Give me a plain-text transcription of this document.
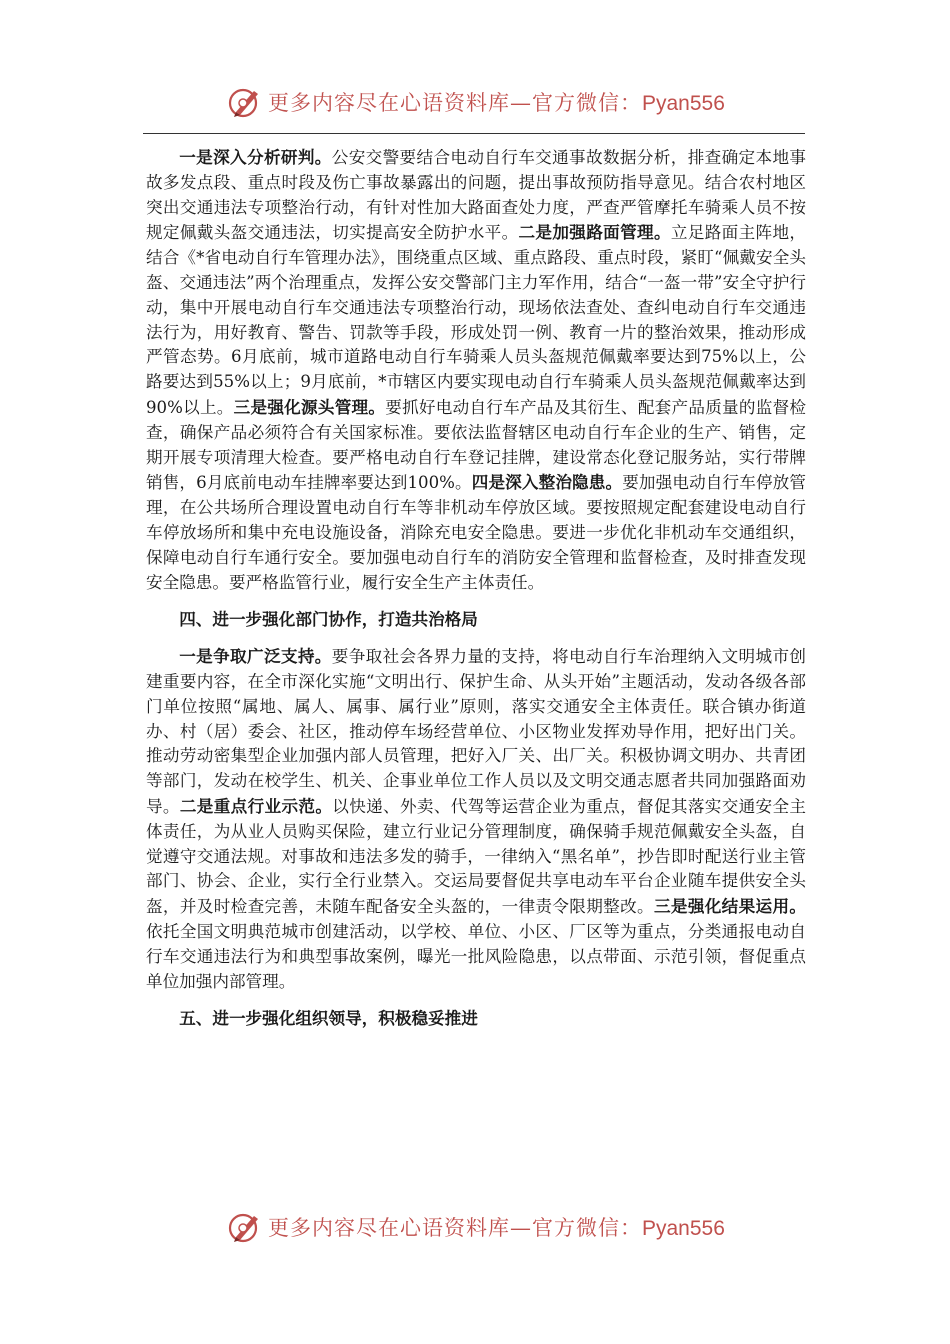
更多内容尽在心语资料库—官方微信：Pyan556

一是深入分析研判。公安交警要结合电动自行车交通事故数据分析，排查确定本地事故多发点段、重点时段及伤亡事故暴露出的问题，提出事故预防指导意见。结合农村地区突出交通违法专项整治行动，有针对性加大路面查处力度，严查严管摩托车骑乘人员不按规定佩戴头盔交通违法，切实提高安全防护水平。二是加强路面管理。立足路面主阵地，结合《*省电动自行车管理办法》，围绕重点区域、重点路段、重点时段，紧盯“佩戴安全头盔、交通违法”两个治理重点，发挥公安交警部门主力军作用，结合“一盔一带”安全守护行动，集中开展电动自行车交通违法专项整治行动，现场依法查处、查纠电动自行车交通违法行为，用好教育、警告、罚款等手段，形成处罚一例、教育一片的整治效果，推动形成严管态势。6月底前，城市道路电动自行车骑乘人员头盔规范佩戴率要达到75%以上，公路要达到55%以上；9月底前，*市辖区内要实现电动自行车骑乘人员头盔规范佩戴率达到90%以上。三是强化源头管理。要抓好电动自行车产品及其衍生、配套产品质量的监督检查，确保产品必须符合有关国家标准。要依法监督辖区电动自行车企业的生产、销售，定期开展专项清理大检查。要严格电动自行车登记挂牌，建设常态化登记服务站，实行带牌销售，6月底前电动车挂牌率要达到100%。四是深入整治隐患。要加强电动自行车停放管理，在公共场所合理设置电动自行车等非机动车停放区域。要按照规定配套建设电动自行车停放场所和集中充电设施设备，消除充电安全隐患。要进一步优化非机动车交通组织，保障电动自行车通行安全。要加强电动自行车的消防安全管理和监督检查，及时排查发现安全隐患。要严格监管行业，履行安全生产主体责任。

四、进一步强化部门协作，打造共治格局

一是争取广泛支持。要争取社会各界力量的支持，将电动自行车治理纳入文明城市创建重要内容，在全市深化实施“文明出行、保护生命、从头开始”主题活动，发动各级各部门单位按照“属地、属人、属事、属行业”原则，落实交通安全主体责任。联合镇办街道办、村（居）委会、社区，推动停车场经营单位、小区物业发挥劝导作用，把好出门关。推动劳动密集型企业加强内部人员管理，把好入厂关、出厂关。积极协调文明办、共青团等部门，发动在校学生、机关、企事业单位工作人员以及文明交通志愿者共同加强路面劝导。二是重点行业示范。以快递、外卖、代驾等运营企业为重点，督促其落实交通安全主体责任，为从业人员购买保险，建立行业记分管理制度，确保骑手规范佩戴安全头盔，自觉遵守交通法规。对事故和违法多发的骑手，一律纳入“黑名单”，抄告即时配送行业主管部门、协会、企业，实行全行业禁入。交运局要督促共享电动车平台企业随车提供安全头盔，并及时检查完善，未随车配备安全头盔的，一律责令限期整改。三是强化结果运用。依托全国文明典范城市创建活动，以学校、单位、小区、厂区等为重点，分类通报电动自行车交通违法行为和典型事故案例，曝光一批风险隐患，以点带面、示范引领，督促重点单位加强内部管理。

五、进一步强化组织领导，积极稳妥推进
更多内容尽在心语资料库—官方微信：Pyan556
